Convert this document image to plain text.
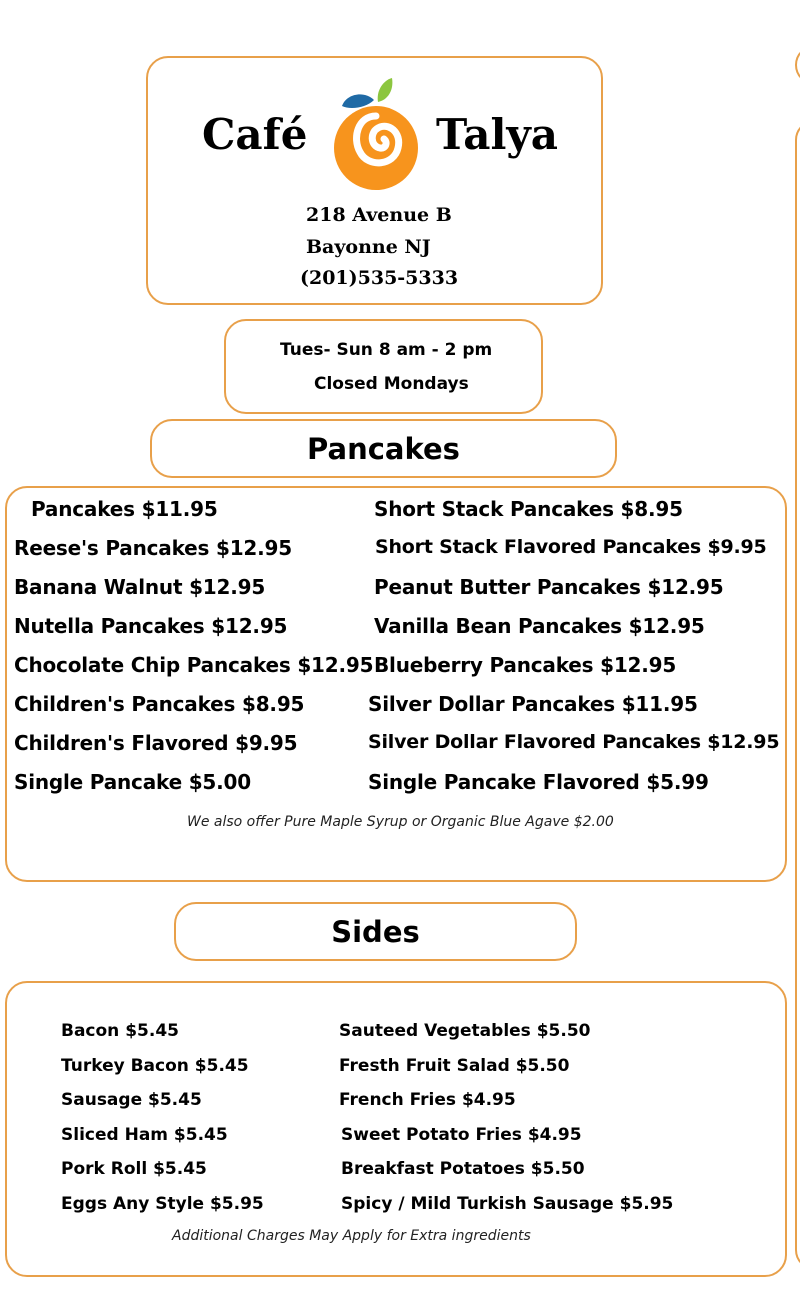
Café	Talya
218 Avenue B
Bayonne NJ
(201)535-5333
Tues- Sun 8 am - 2 pm
Closed Mondays
Pancakes
Pancakes $11.95
Reese's Pancakes $12.95
Banana Walnut $12.95
Nutella Pancakes $12.95
Chocolate Chip Pancakes $12.95
Children's Pancakes $8.95
Children's Flavored $9.95
Single Pancake $5.00
Short Stack Pancakes $8.95
Short Stack Flavored Pancakes $9.95
Peanut Butter Pancakes $12.95
Vanilla Bean Pancakes $12.95
Blueberry Pancakes $12.95
Silver Dollar Pancakes $11.95
Silver Dollar Flavored Pancakes $12.95
Single Pancake Flavored $5.99
We also offer Pure Maple Syrup or Organic Blue Agave $2.00
Sides
Bacon $5.45
Turkey Bacon $5.45
Sausage $5.45
Sliced Ham $5.45
Pork Roll $5.45
Eggs Any Style $5.95
Sauteed Vegetables $5.50
Fresth Fruit Salad $5.50
French Fries $4.95
Sweet Potato Fries $4.95
Breakfast Potatoes $5.50
Spicy / Mild Turkish Sausage $5.95
Additional Charges May Apply for Extra ingredients
